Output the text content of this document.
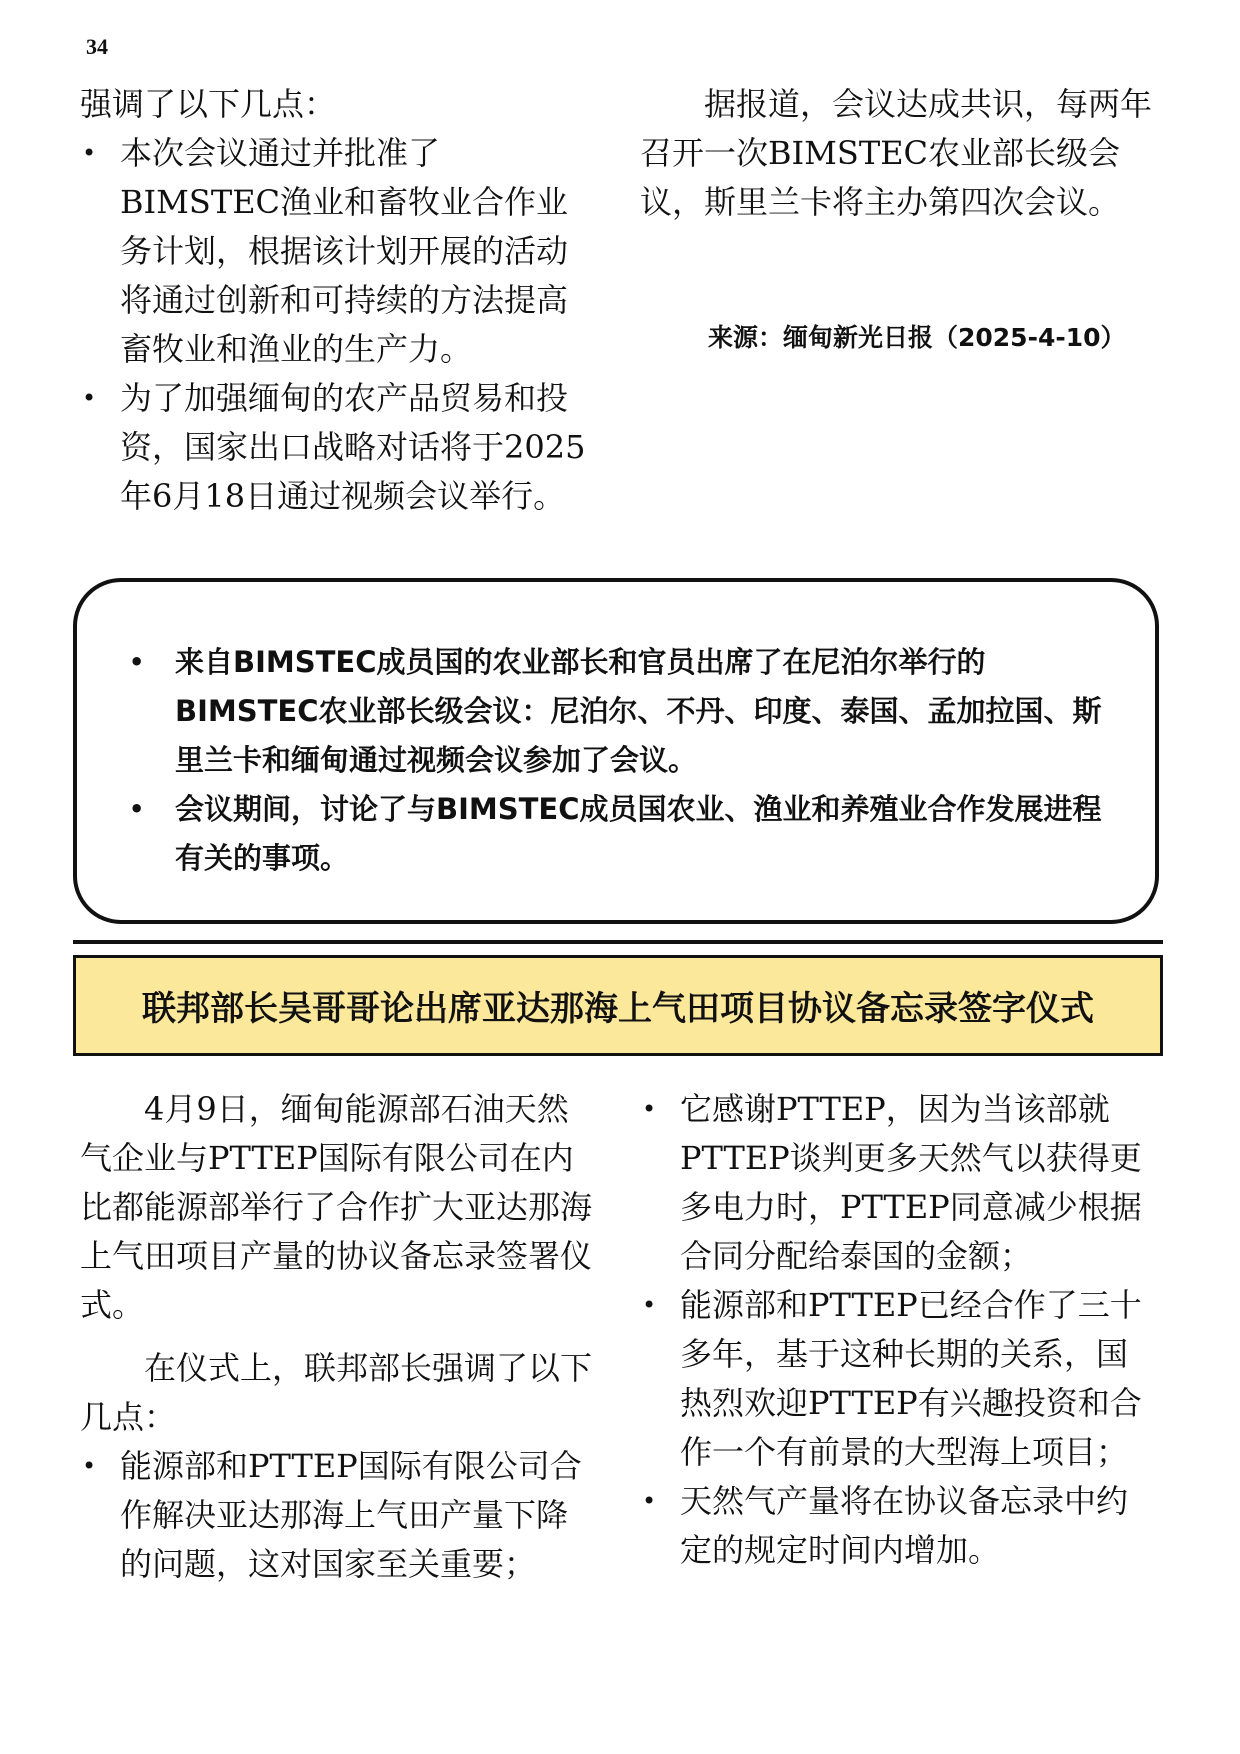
34

强调了以下几点：

• 本次会议通过并批准了BIMSTEC渔业和畜牧业合作业务计划，根据该计划开展的活动将通过创新和可持续的方法提高畜牧业和渔业的生产力。
• 为了加强缅甸的农产品贸易和投资，国家出口战略对话将于2025年6月18日通过视频会议举行。

据报道，会议达成共识，每两年召开一次BIMSTEC农业部长级会议，斯里兰卡将主办第四次会议。

来源：缅甸新光日报（2025-4-10）
• 来自BIMSTEC成员国的农业部长和官员出席了在尼泊尔举行的BIMSTEC农业部长级会议：尼泊尔、不丹、印度、泰国、孟加拉国、斯里兰卡和缅甸通过视频会议参加了会议。
• 会议期间，讨论了与BIMSTEC成员国农业、渔业和养殖业合作发展进程有关的事项。
联邦部长吴哥哥论出席亚达那海上气田项目协议备忘录签字仪式

4月9日，缅甸能源部石油天然气企业与PTTEP国际有限公司在内比都能源部举行了合作扩大亚达那海上气田项目产量的协议备忘录签署仪式。

在仪式上，联邦部长强调了以下几点：

• 能源部和PTTEP国际有限公司合作解决亚达那海上气田产量下降的问题，这对国家至关重要；
• 它感谢PTTEP，因为当该部就PTTEP谈判更多天然气以获得更多电力时，PTTEP同意减少根据合同分配给泰国的金额；
• 能源部和PTTEP已经合作了三十多年，基于这种长期的关系，国热烈欢迎PTTEP有兴趣投资和合作一个有前景的大型海上项目；
• 天然气产量将在协议备忘录中约定的规定时间内增加。
